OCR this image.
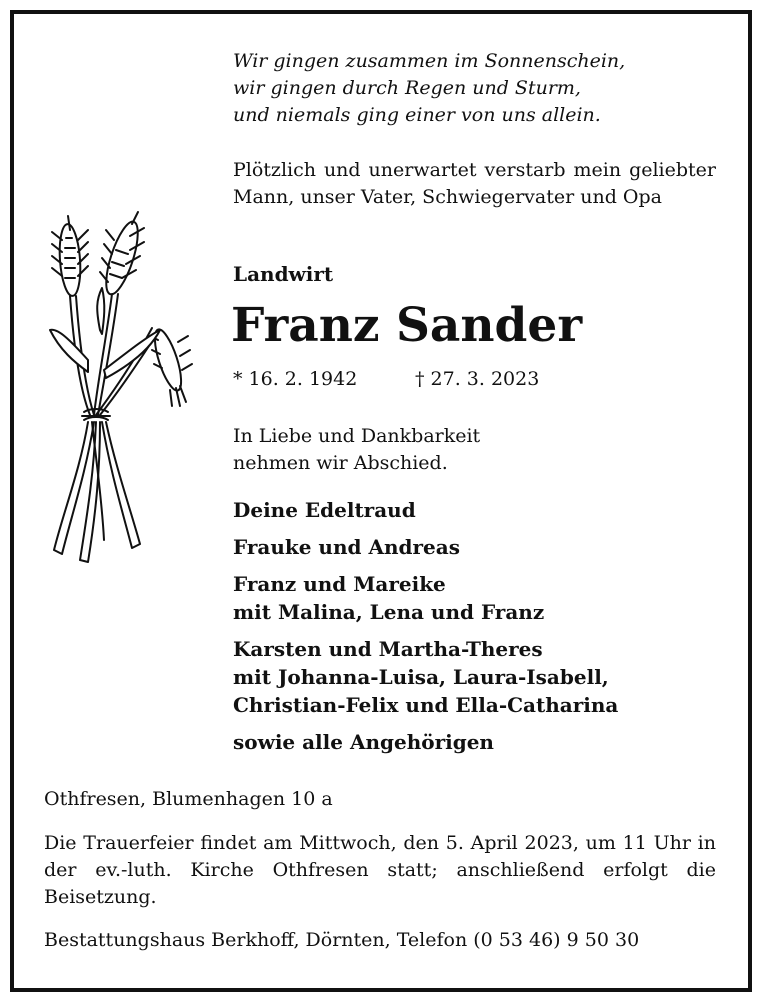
Wir gingen zusammen im Sonnenschein,
wir gingen durch Regen und Sturm,
und niemals ging einer von uns allein.
Plötzlich und unerwartet verstarb mein geliebter Mann, unser Vater, Schwiegervater und Opa
Landwirt
Franz Sander
* 16. 2. 1942	† 27. 3. 2023
In Liebe und Dankbarkeit
nehmen wir Abschied.
Deine Edeltraud
Frauke und Andreas
Franz und Mareike
mit Malina, Lena und Franz
Karsten und Martha-Theres
mit Johanna-Luisa, Laura-Isabell,
Christian-Felix und Ella-Catharina
sowie alle Angehörigen
Othfresen, Blumenhagen 10 a
Die Trauerfeier findet am Mittwoch, den 5. April 2023, um 11 Uhr in der ev.-luth. Kirche Othfresen statt; anschließend erfolgt die Beisetzung.
Bestattungshaus Berkhoff, Dörnten, Telefon (0 53 46) 9 50 30
